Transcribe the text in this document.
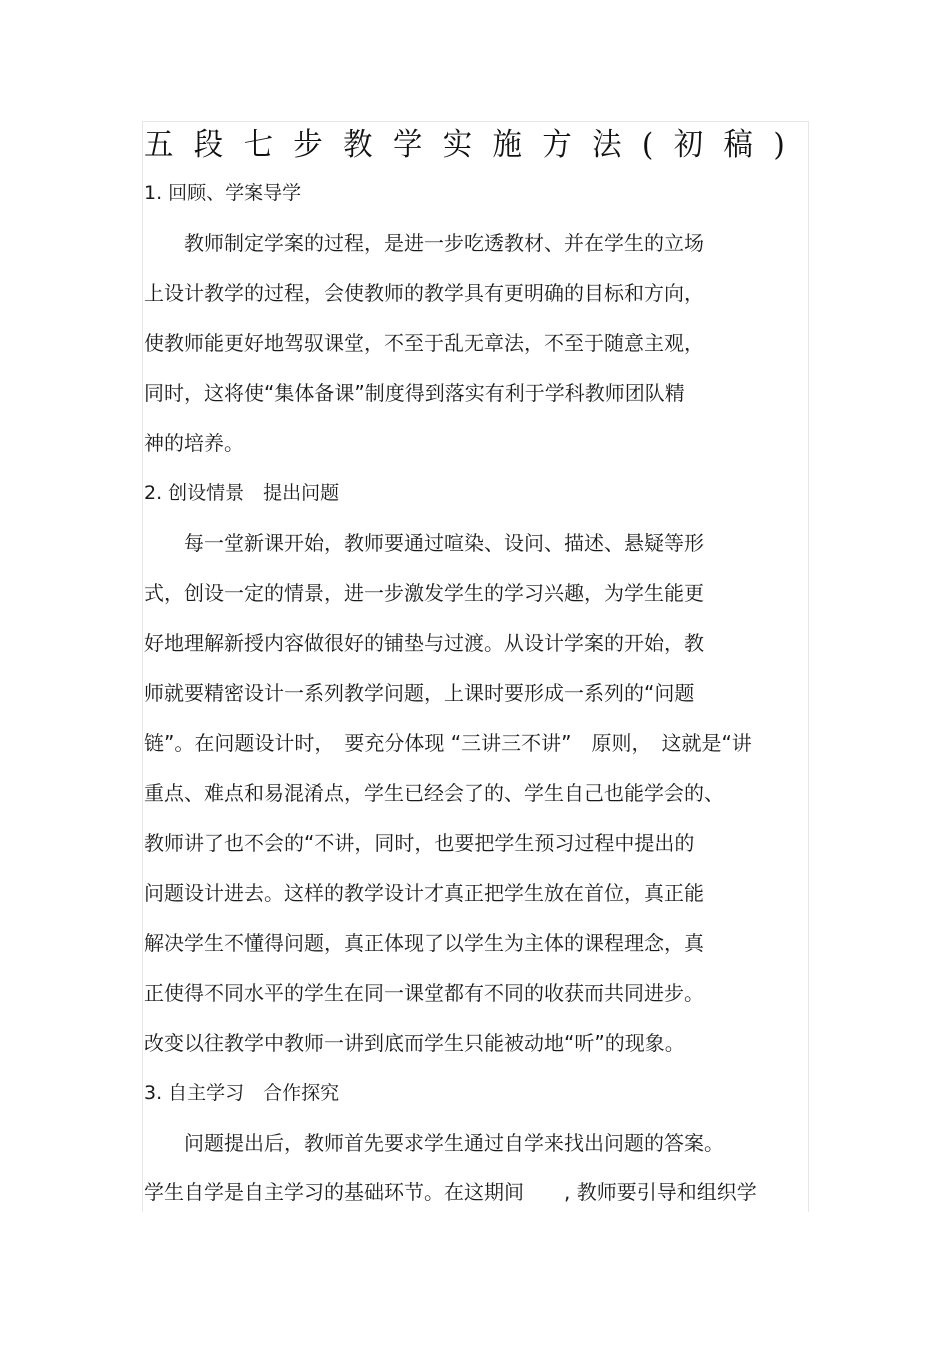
五段七步教学实施方法(初稿)
1. 回顾、学案导学
　　教师制定学案的过程，是进一步吃透教材、并在学生的立场
上设计教学的过程，会使教师的教学具有更明确的目标和方向，
使教师能更好地驾驭课堂，不至于乱无章法，不至于随意主观，
同时，这将使“集体备课”制度得到落实有利于学科教师团队精
神的培养。
2. 创设情景　提出问题
　　每一堂新课开始，教师要通过喧染、设问、描述、悬疑等形
式，创设一定的情景，进一步激发学生的学习兴趣，为学生能更
好地理解新授内容做很好的铺垫与过渡。从设计学案的开始，教
师就要精密设计一系列教学问题，上课时要形成一系列的“问题
链”。在问题设计时，　要充分体现 “三讲三不讲”　原则，　这就是“讲
重点、难点和易混淆点，学生已经会了的、学生自己也能学会的、
教师讲了也不会的“不讲，同时，也要把学生预习过程中提出的
问题设计进去。这样的教学设计才真正把学生放在首位，真正能
解决学生不懂得问题，真正体现了以学生为主体的课程理念，真
正使得不同水平的学生在同一课堂都有不同的收获而共同进步。
改变以往教学中教师一讲到底而学生只能被动地“听”的现象。
3. 自主学习　合作探究
　　问题提出后，教师首先要求学生通过自学来找出问题的答案。
学生自学是自主学习的基础环节。在这期间　　, 教师要引导和组织学
